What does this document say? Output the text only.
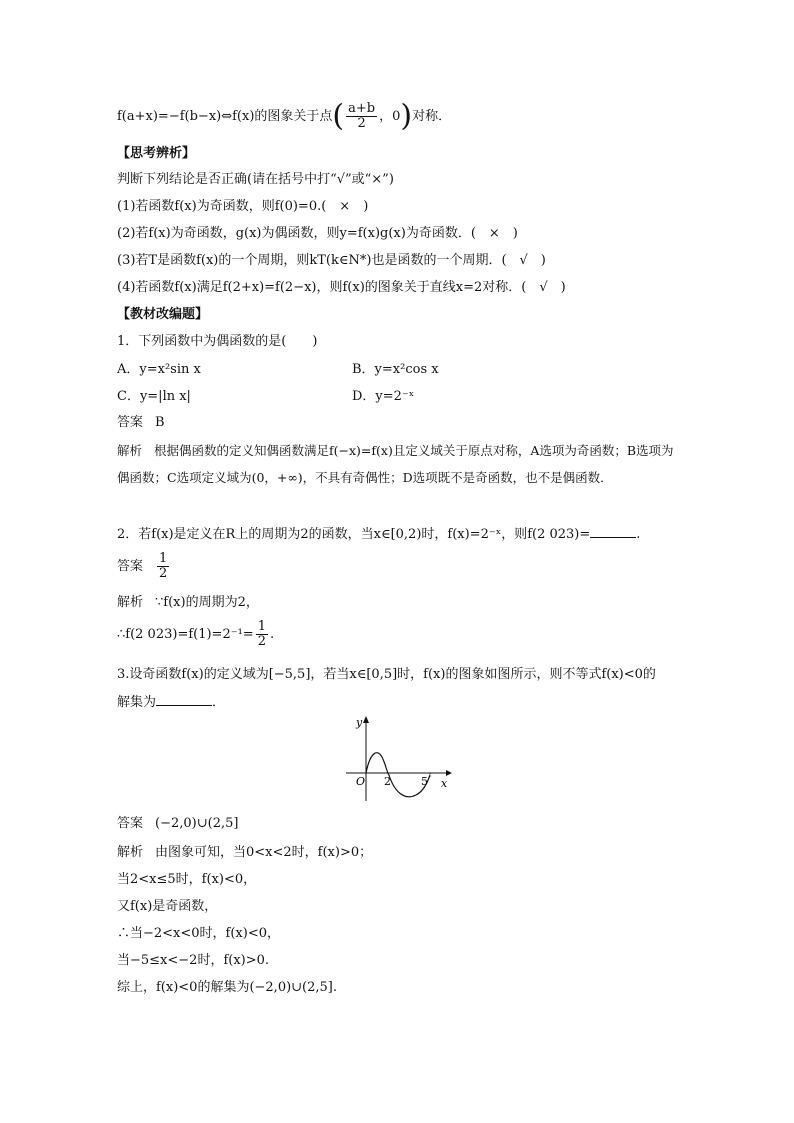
f(a+x)=−f(b−x)⇔f(x)的图象关于点( $\frac{a+b}{2}$ ，0)对称．
【思考辨析】
判断下列结论是否正确(请在括号中打“√”或“×”)
(1)若函数f(x)为奇函数，则f(0)=0.(　×　)
(2)若f(x)为奇函数，g(x)为偶函数，则y=f(x)g(x)为奇函数．(　×　)
(3)若T是函数f(x)的一个周期，则kT(k∈N*)也是函数的一个周期．(　√　)
(4)若函数f(x)满足f(2+x)=f(2−x)，则f(x)的图象关于直线x=2对称．(　√　)
【教材改编题】
1．下列函数中为偶函数的是(　　)
A．y=x²sin x	B．y=x²cos x
C．y=|ln x|	D．y=2⁻ˣ
答案 B
解析 根据偶函数的定义知偶函数满足f(−x)=f(x)且定义域关于原点对称，A选项为奇函数；B选项为偶函数；C选项定义域为(0，+∞)，不具有奇偶性；D选项既不是奇函数，也不是偶函数．
2．若f(x)是定义在R上的周期为2的函数，当x∈[0,2)时，f(x)=2⁻ˣ，则f(2 023)=	.
答案 $\frac{1}{2}$
解析 ∵f(x)的周期为2，
∴f(2 $023)=f(1)=2^{-1}= \frac{1}{2}$ .
3.设奇函数f(x)的定义域为[−5,5]，若当x∈[0,5]时，f(x)的图象如图所示，则不等式f(x)<0的
解集为	．
y
x
O 2	5
答案 (−2,0)∪(2,5]
解析 由图象可知，当0<x<2时，f(x)>0；
当2<x≤5时，f(x)<0，
又f(x)是奇函数，
∴当−2<x<0时，f(x)<0，
当−5≤x<−2时，f(x)>0.
综上，f(x)<0的解集为(−2,0)∪(2,5].
